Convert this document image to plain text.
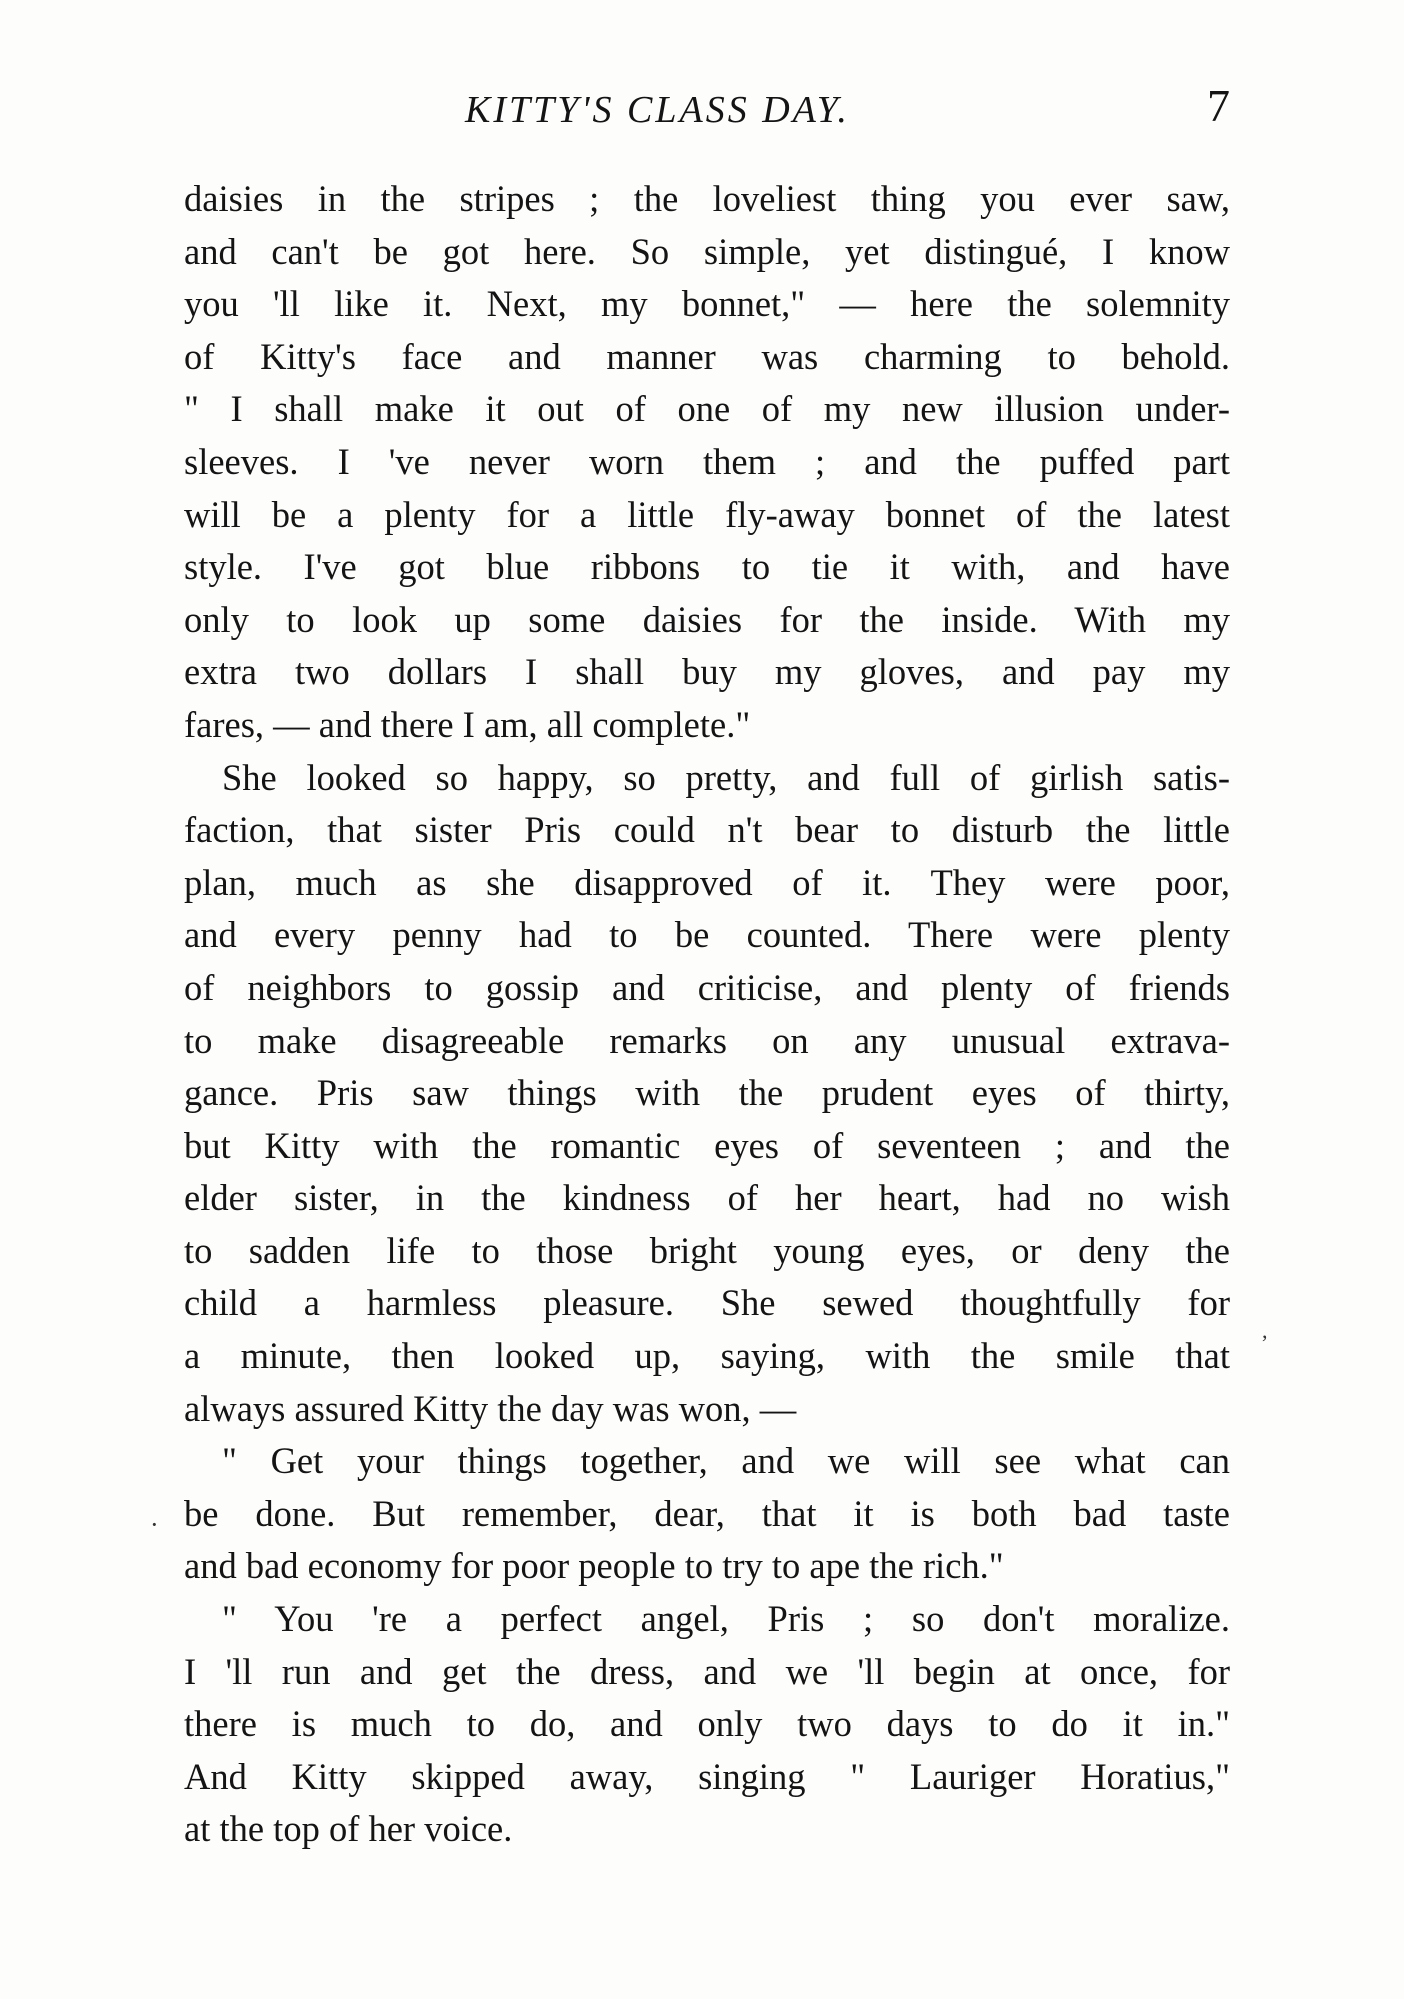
KITTY'S CLASS DAY.	7
daisies in the stripes ; the loveliest thing you ever saw,
and can't be got here. So simple, yet distingué, I know
you 'll like it. Next, my bonnet," — here the solemnity
of Kitty's face and manner was charming to behold.
" I shall make it out of one of my new illusion under-
sleeves. I 've never worn them ; and the puffed part
will be a plenty for a little fly-away bonnet of the latest
style. I've got blue ribbons to tie it with, and have
only to look up some daisies for the inside. With my
extra two dollars I shall buy my gloves, and pay my
fares, — and there I am, all complete."
She looked so happy, so pretty, and full of girlish satis-
faction, that sister Pris could n't bear to disturb the little
plan, much as she disapproved of it. They were poor,
and every penny had to be counted. There were plenty
of neighbors to gossip and criticise, and plenty of friends
to make disagreeable remarks on any unusual extrava-
gance. Pris saw things with the prudent eyes of thirty,
but Kitty with the romantic eyes of seventeen ; and the
elder sister, in the kindness of her heart, had no wish
to sadden life to those bright young eyes, or deny the
child a harmless pleasure. She sewed thoughtfully for
a minute, then looked up, saying, with the smile that
always assured Kitty the day was won, —
" Get your things together, and we will see what can
be done. But remember, dear, that it is both bad taste
and bad economy for poor people to try to ape the rich."
" You 're a perfect angel, Pris ; so don't moralize.
I 'll run and get the dress, and we 'll begin at once, for
there is much to do, and only two days to do it in."
And Kitty skipped away, singing " Lauriger Horatius,"
at the top of her voice.
·
,
